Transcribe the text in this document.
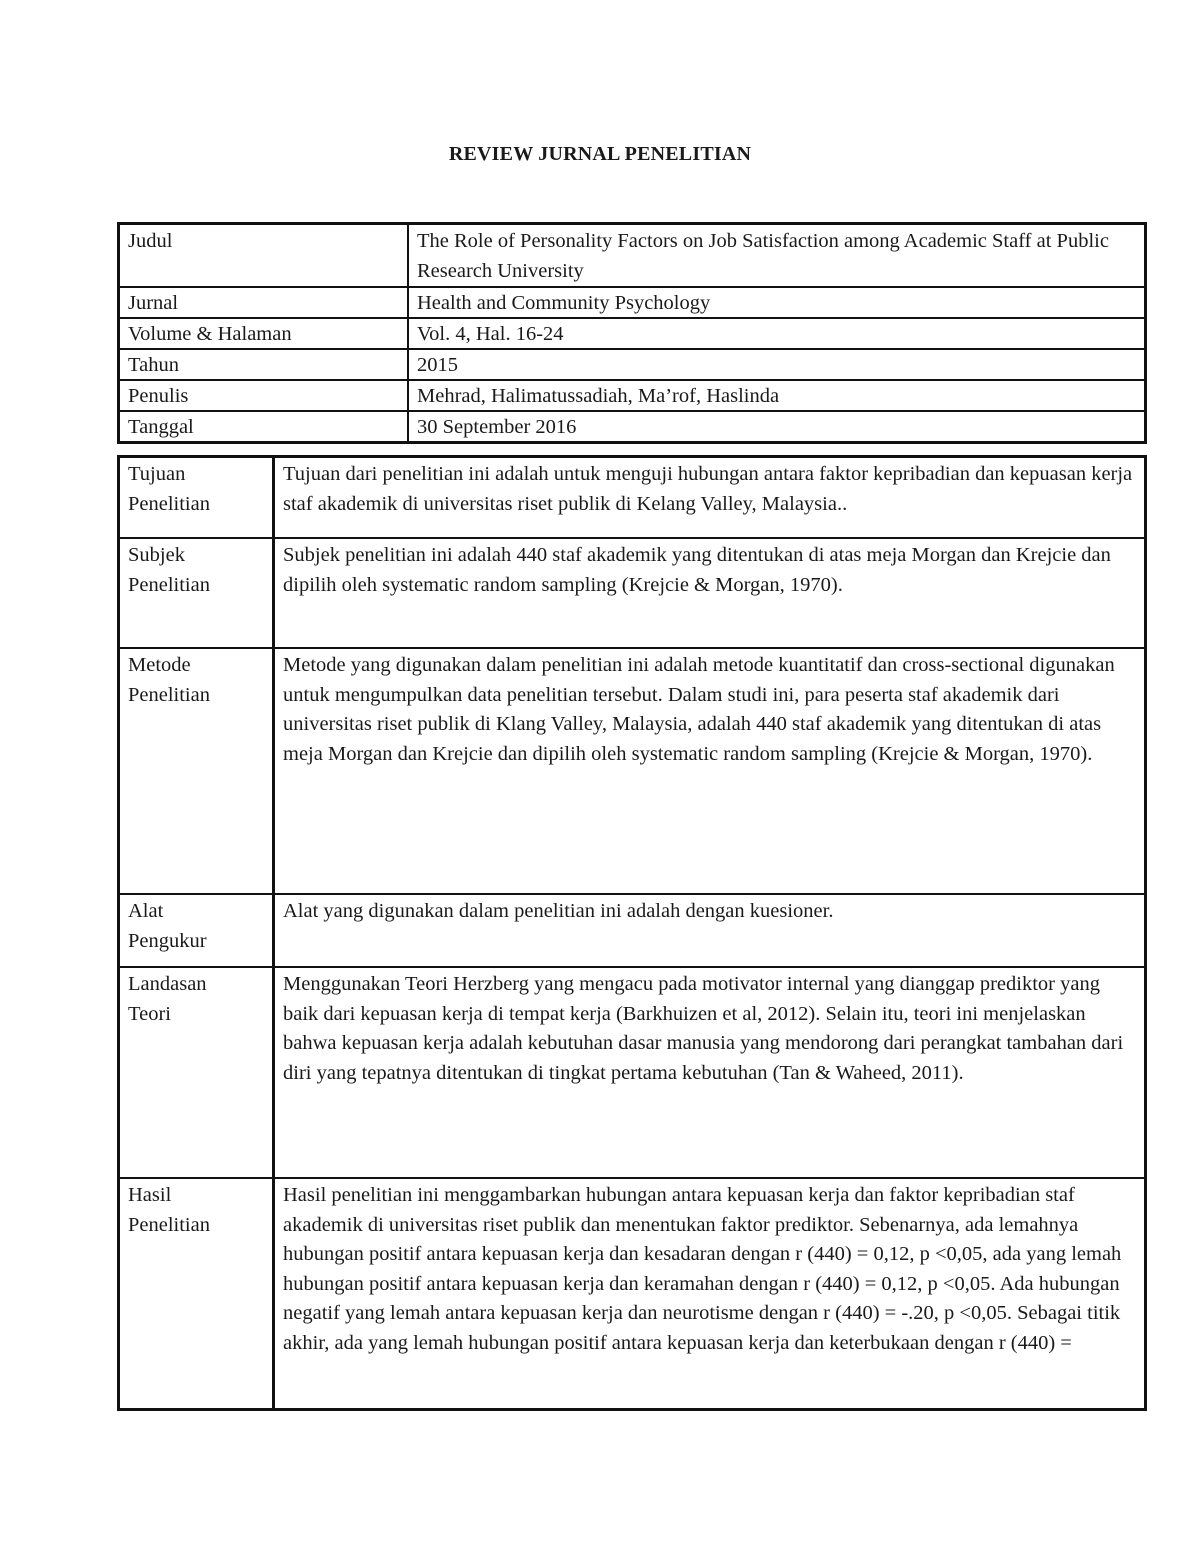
REVIEW JURNAL PENELITIAN
Judul	The Role of Personality Factors on Job Satisfaction among Academic Staff at Public Research University
Jurnal	Health and Community Psychology
Volume & Halaman	Vol. 4, Hal. 16-24
Tahun	2015
Penulis	Mehrad, Halimatussadiah, Ma’rof, Haslinda
Tanggal	30 September 2016
Tujuan
Penelitian	Tujuan dari penelitian ini adalah untuk menguji hubungan antara faktor kepribadian dan kepuasan kerja staf akademik di universitas riset publik di Kelang Valley, Malaysia..

Subjek
Penelitian	Subjek penelitian ini adalah 440 staf akademik yang ditentukan di atas meja Morgan dan Krejcie dan dipilih oleh systematic random sampling (Krejcie & Morgan, 1970).

Metode
Penelitian	Metode yang digunakan dalam penelitian ini adalah metode kuantitatif dan cross-sectional digunakan untuk mengumpulkan data penelitian tersebut. Dalam studi ini, para peserta staf akademik dari universitas riset publik di Klang Valley, Malaysia, adalah 440 staf akademik yang ditentukan di atas meja Morgan dan Krejcie dan dipilih oleh systematic random sampling (Krejcie & Morgan, 1970).

Alat
Pengukur	Alat yang digunakan dalam penelitian ini adalah dengan kuesioner.

Landasan
Teori	Menggunakan Teori Herzberg yang mengacu pada motivator internal yang dianggap prediktor yang baik dari kepuasan kerja di tempat kerja (Barkhuizen et al, 2012). Selain itu, teori ini menjelaskan bahwa kepuasan kerja adalah kebutuhan dasar manusia yang mendorong dari perangkat tambahan dari diri yang tepatnya ditentukan di tingkat pertama kebutuhan (Tan & Waheed, 2011).

Hasil
Penelitian	Hasil penelitian ini menggambarkan hubungan antara kepuasan kerja dan faktor kepribadian staf akademik di universitas riset publik dan menentukan faktor prediktor. Sebenarnya, ada lemahnya hubungan positif antara kepuasan kerja dan kesadaran dengan r (440) = 0,12, p <0,05, ada yang lemah hubungan positif antara kepuasan kerja dan keramahan dengan r (440) = 0,12, p <0,05. Ada hubungan negatif yang lemah antara kepuasan kerja dan neurotisme dengan r (440) = -.20, p <0,05. Sebagai titik akhir, ada yang lemah hubungan positif antara kepuasan kerja dan keterbukaan dengan r (440) =
